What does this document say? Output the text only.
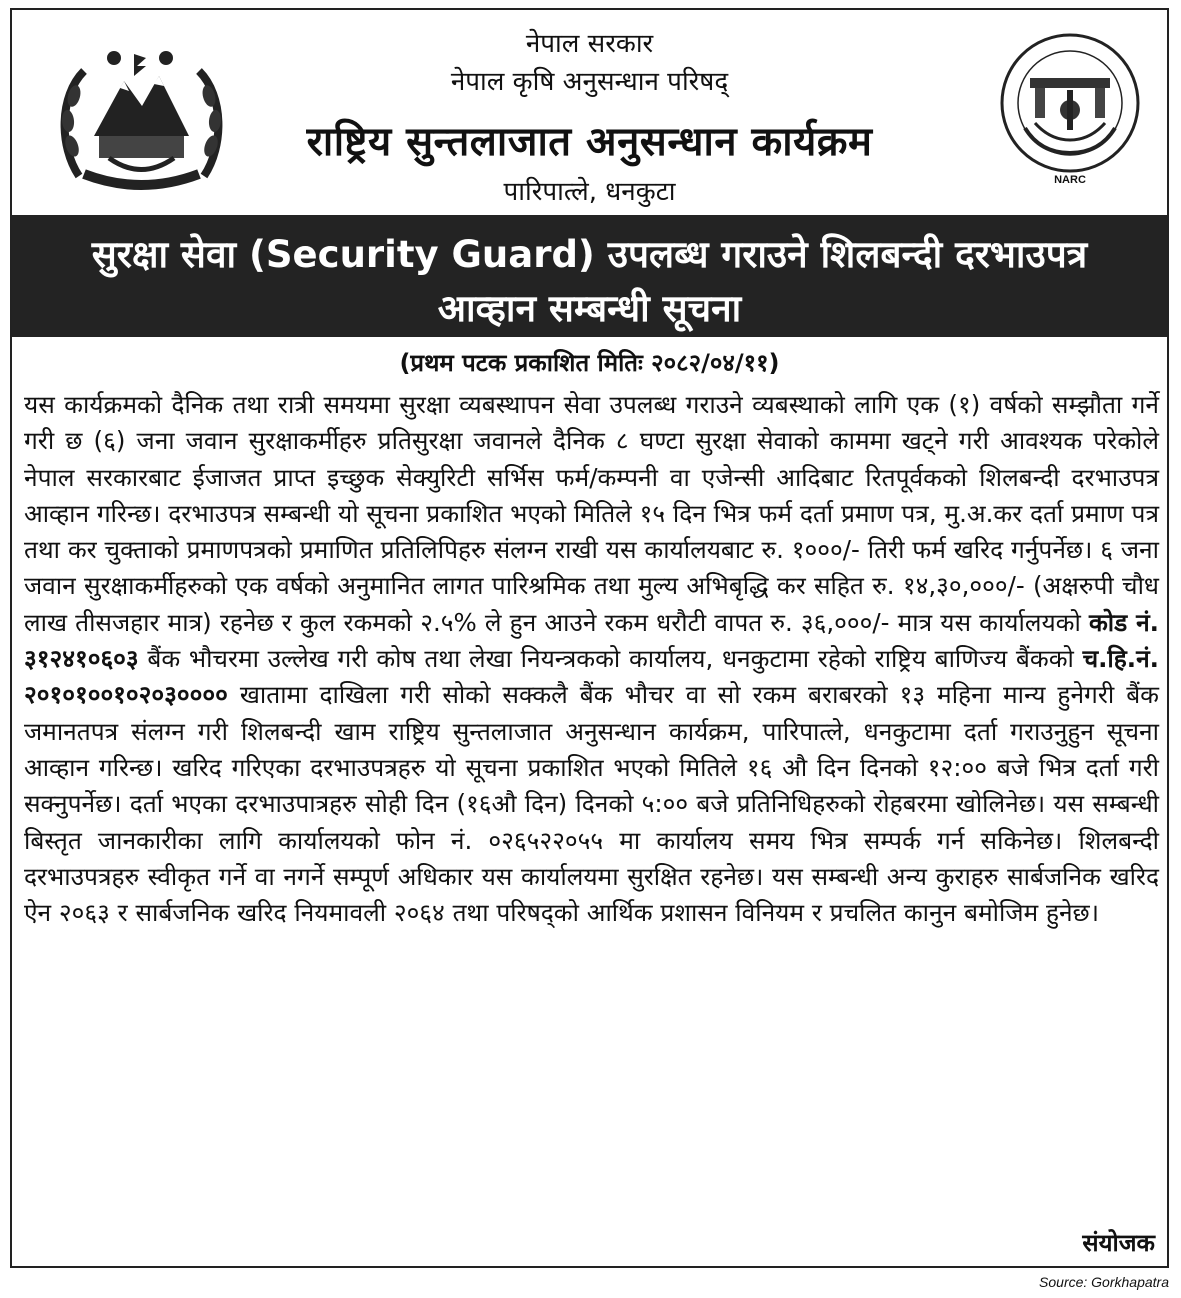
नेपाल सरकार
नेपाल कृषि अनुसन्धान परिषद्
राष्ट्रिय सुन्तलाजात अनुसन्धान कार्यक्रम
पारिपात्ले, धनकुटा	NARC
सुरक्षा सेवा (Security Guard) उपलब्ध गराउने शिलबन्दी दरभाउपत्र
आव्हान सम्बन्धी सूचना
(प्रथम पटक प्रकाशित मितिः २०८२/०४/११)

यस कार्यक्रमको दैनिक तथा रात्री समयमा सुरक्षा व्यबस्थापन सेवा उपलब्ध गराउने व्यबस्थाको लागि एक (१) वर्षको सम्झौता गर्ने गरी छ (६) जना जवान सुरक्षाकर्मीहरु प्रतिसुरक्षा जवानले दैनिक ८ घण्टा सुरक्षा सेवाको काममा खट्ने गरी आवश्यक परेकोले नेपाल सरकारबाट ईजाजत प्राप्त इच्छुक सेक्युरिटी सर्भिस फर्म/कम्पनी वा एजेन्सी आदिबाट रितपूर्वकको शिलबन्दी दरभाउपत्र आव्हान गरिन्छ। दरभाउपत्र सम्बन्धी यो सूचना प्रकाशित भएको मितिले १५ दिन भित्र फर्म दर्ता प्रमाण पत्र, मु.अ.कर दर्ता प्रमाण पत्र तथा कर चुक्ताको प्रमाणपत्रको प्रमाणित प्रतिलिपिहरु संलग्न राखी यस कार्यालयबाट रु. १०००/- तिरी फर्म खरिद गर्नुपर्नेछ। ६ जना जवान सुरक्षाकर्मीहरुको एक वर्षको अनुमानित लागत पारिश्रमिक तथा मुल्य अभिबृद्धि कर सहित रु. १४,३०,०००/- (अक्षरुपी चौध लाख तीसजहार मात्र) रहनेछ र कुल रकमको २.५% ले हुन आउने रकम धरौटी वापत रु. ३६,०००/- मात्र यस कार्यालयको कोड नं. ३१२४१०६०३ बैंक भौचरमा उल्लेख गरी कोष तथा लेखा नियन्त्रकको कार्यालय, धनकुटामा रहेको राष्ट्रिय बाणिज्य बैंकको च.हि.नं. २०१०१००१०२०३०००० खातामा दाखिला गरी सोको सक्कलै बैंक भौचर वा सो रकम बराबरको १३ महिना मान्य हुनेगरी बैंक जमानतपत्र संलग्न गरी शिलबन्दी खाम राष्ट्रिय सुन्तलाजात अनुसन्धान कार्यक्रम, पारिपात्ले, धनकुटामा दर्ता गराउनुहुन सूचना आव्हान गरिन्छ। खरिद गरिएका दरभाउपत्रहरु यो सूचना प्रकाशित भएको मितिले १६ औ दिन दिनको १२:०० बजे भित्र दर्ता गरी सक्नुपर्नेछ। दर्ता भएका दरभाउपात्रहरु सोही दिन (१६औ दिन) दिनको ५:०० बजे प्रतिनिधिहरुको रोहबरमा खोलिनेछ। यस सम्बन्धी बिस्तृत जानकारीका लागि कार्यालयको फोन नं. ०२६५२२०५५ मा कार्यालय समय भित्र सम्पर्क गर्न सकिनेछ। शिलबन्दी दरभाउपत्रहरु स्वीकृत गर्ने वा नगर्ने सम्पूर्ण अधिकार यस कार्यालयमा सुरक्षित रहनेछ। यस सम्बन्धी अन्य कुराहरु सार्बजनिक खरिद ऐन २०६३ र सार्बजनिक खरिद नियमावली २०६४ तथा परिषद्को आर्थिक प्रशासन विनियम र प्रचलित कानुन बमोजिम हुनेछ।

संयोजक
Source: Gorkhapatra
